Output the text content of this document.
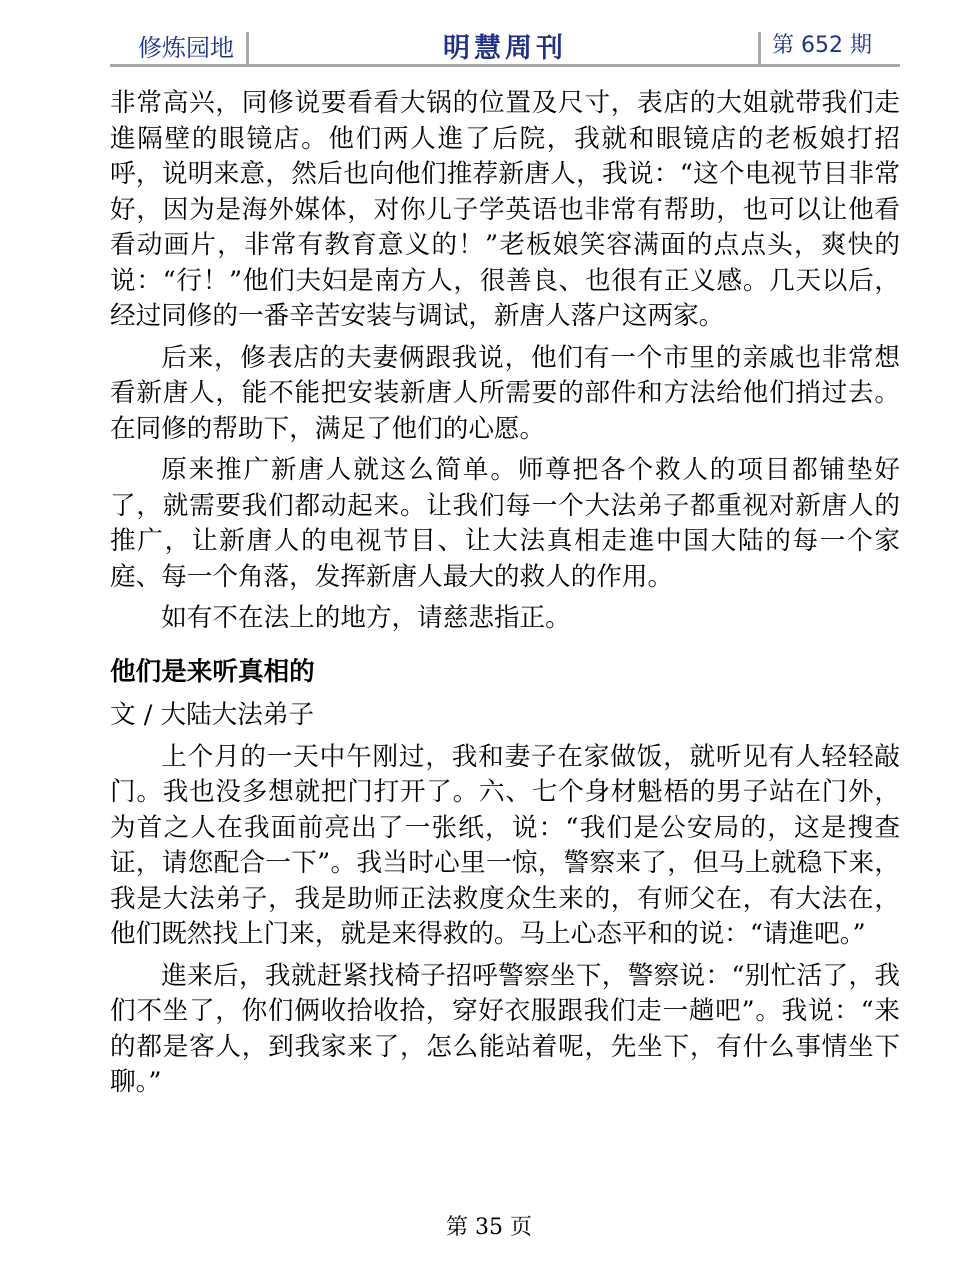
修炼园地	明慧周刊	第 652 期

非常高兴，同修说要看看大锅的位置及尺寸，表店的大姐就带我们走進隔壁的眼镜店。他们两人進了后院，我就和眼镜店的老板娘打招呼，说明来意，然后也向他们推荐新唐人，我说：“这个电视节目非常好，因为是海外媒体，对你儿子学英语也非常有帮助，也可以让他看看动画片，非常有教育意义的！”老板娘笑容满面的点点头，爽快的说：“行！”他们夫妇是南方人，很善良、也很有正义感。几天以后，经过同修的一番辛苦安装与调试，新唐人落户这两家。

后来，修表店的夫妻俩跟我说，他们有一个市里的亲戚也非常想看新唐人，能不能把安装新唐人所需要的部件和方法给他们捎过去。在同修的帮助下，满足了他们的心愿。

原来推广新唐人就这么简单。师尊把各个救人的项目都铺垫好了，就需要我们都动起来。让我们每一个大法弟子都重视对新唐人的推广，让新唐人的电视节目、让大法真相走進中国大陆的每一个家庭、每一个角落，发挥新唐人最大的救人的作用。

如有不在法上的地方，请慈悲指正。

他们是来听真相的

文 / 大陆大法弟子

上个月的一天中午刚过，我和妻子在家做饭，就听见有人轻轻敲门。我也没多想就把门打开了。六、七个身材魁梧的男子站在门外，为首之人在我面前亮出了一张纸，说：“我们是公安局的，这是搜查证，请您配合一下”。我当时心里一惊，警察来了，但马上就稳下来，我是大法弟子，我是助师正法救度众生来的，有师父在，有大法在，他们既然找上门来，就是来得救的。马上心态平和的说：“请進吧。”

進来后，我就赶紧找椅子招呼警察坐下，警察说：“别忙活了，我们不坐了，你们俩收拾收拾，穿好衣服跟我们走一趟吧”。我说：“来的都是客人，到我家来了，怎么能站着呢，先坐下，有什么事情坐下聊。”

第 35 页
